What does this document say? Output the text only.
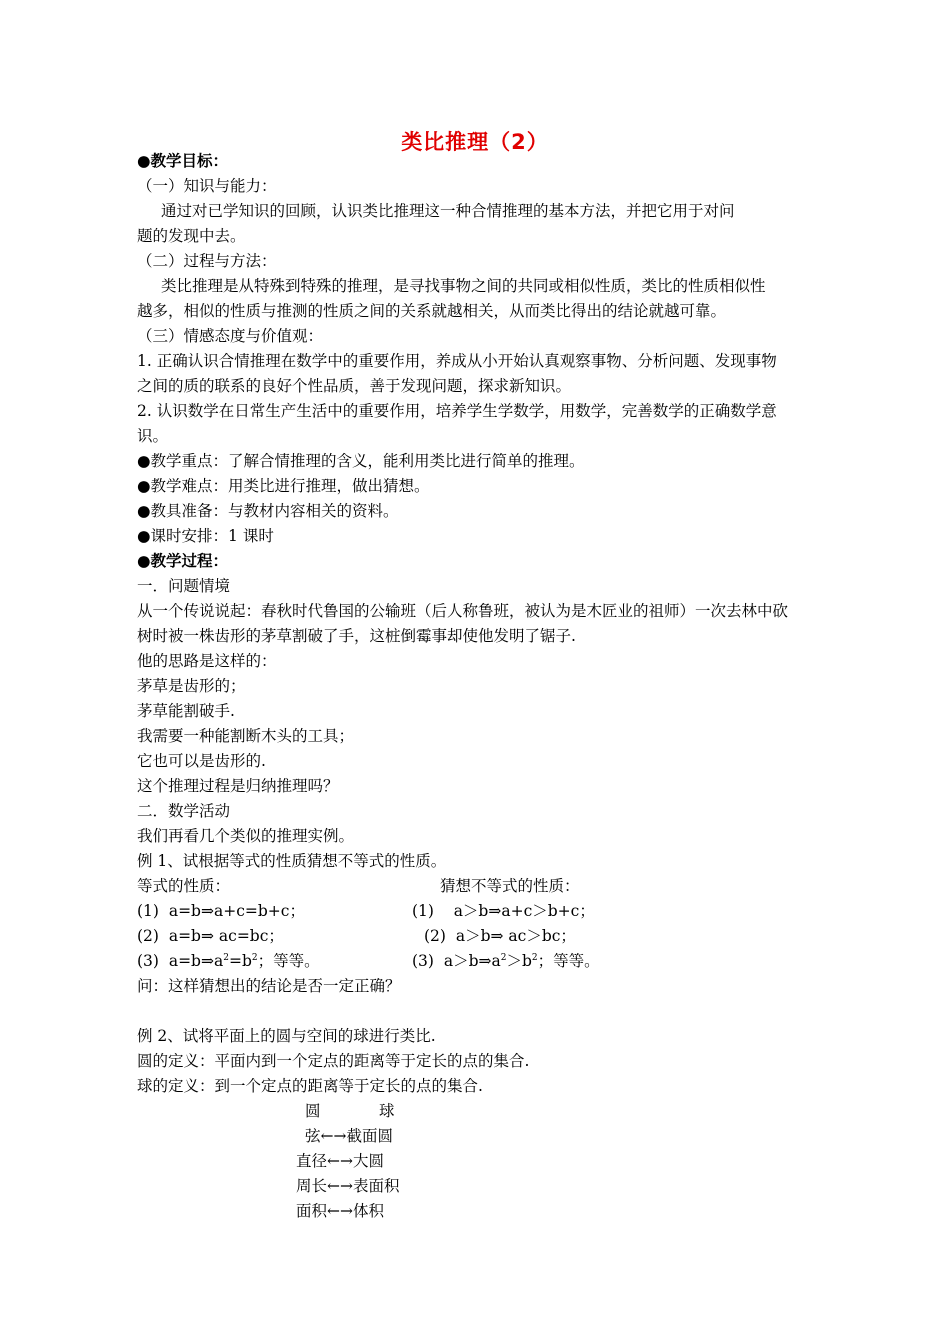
类比推理（2）
●教学目标：
（一）知识与能力：
通过对已学知识的回顾，认识类比推理这一种合情推理的基本方法，并把它用于对问
题的发现中去。
（二）过程与方法：
类比推理是从特殊到特殊的推理，是寻找事物之间的共同或相似性质，类比的性质相似性
越多，相似的性质与推测的性质之间的关系就越相关，从而类比得出的结论就越可靠。
（三）情感态度与价值观：
1. 正确认识合情推理在数学中的重要作用，养成从小开始认真观察事物、分析问题、发现事物
之间的质的联系的良好个性品质，善于发现问题，探求新知识。
2. 认识数学在日常生产生活中的重要作用，培养学生学数学，用数学，完善数学的正确数学意
识。
●教学重点：了解合情推理的含义，能利用类比进行简单的推理。
●教学难点：用类比进行推理，做出猜想。
●教具准备：与教材内容相关的资料。
●课时安排：1 课时
●教学过程：
一．问题情境
从一个传说说起：春秋时代鲁国的公输班（后人称鲁班，被认为是木匠业的祖师）一次去林中砍
树时被一株齿形的茅草割破了手，这桩倒霉事却使他发明了锯子.
他的思路是这样的：
茅草是齿形的；
茅草能割破手.
我需要一种能割断木头的工具；
它也可以是齿形的.
这个推理过程是归纳推理吗？
二．数学活动
我们再看几个类似的推理实例。
例 1、试根据等式的性质猜想不等式的性质。
等式的性质：	猜想不等式的性质：
(1) a=b⇒a+c=b+c；
(2) a=b⇒ ac=bc；
(3) $a=b\Rightarrow a^2=b^2$；等等。
(1) a＞b⇒a+c＞b+c；
(2) a＞b⇒ ac＞bc；
(3) $a>b\Rightarrow a^2>b^2$；等等。
问：这样猜想出的结论是否一定正确？
例 2、试将平面上的圆与空间的球进行类比.
圆的定义：平面内到一个定点的距离等于定长的点的集合.
球的定义：到一个定点的距离等于定长的点的集合.
圆	球
弦←→截面圆
直径←→大圆
周长←→表面积
面积←→体积
